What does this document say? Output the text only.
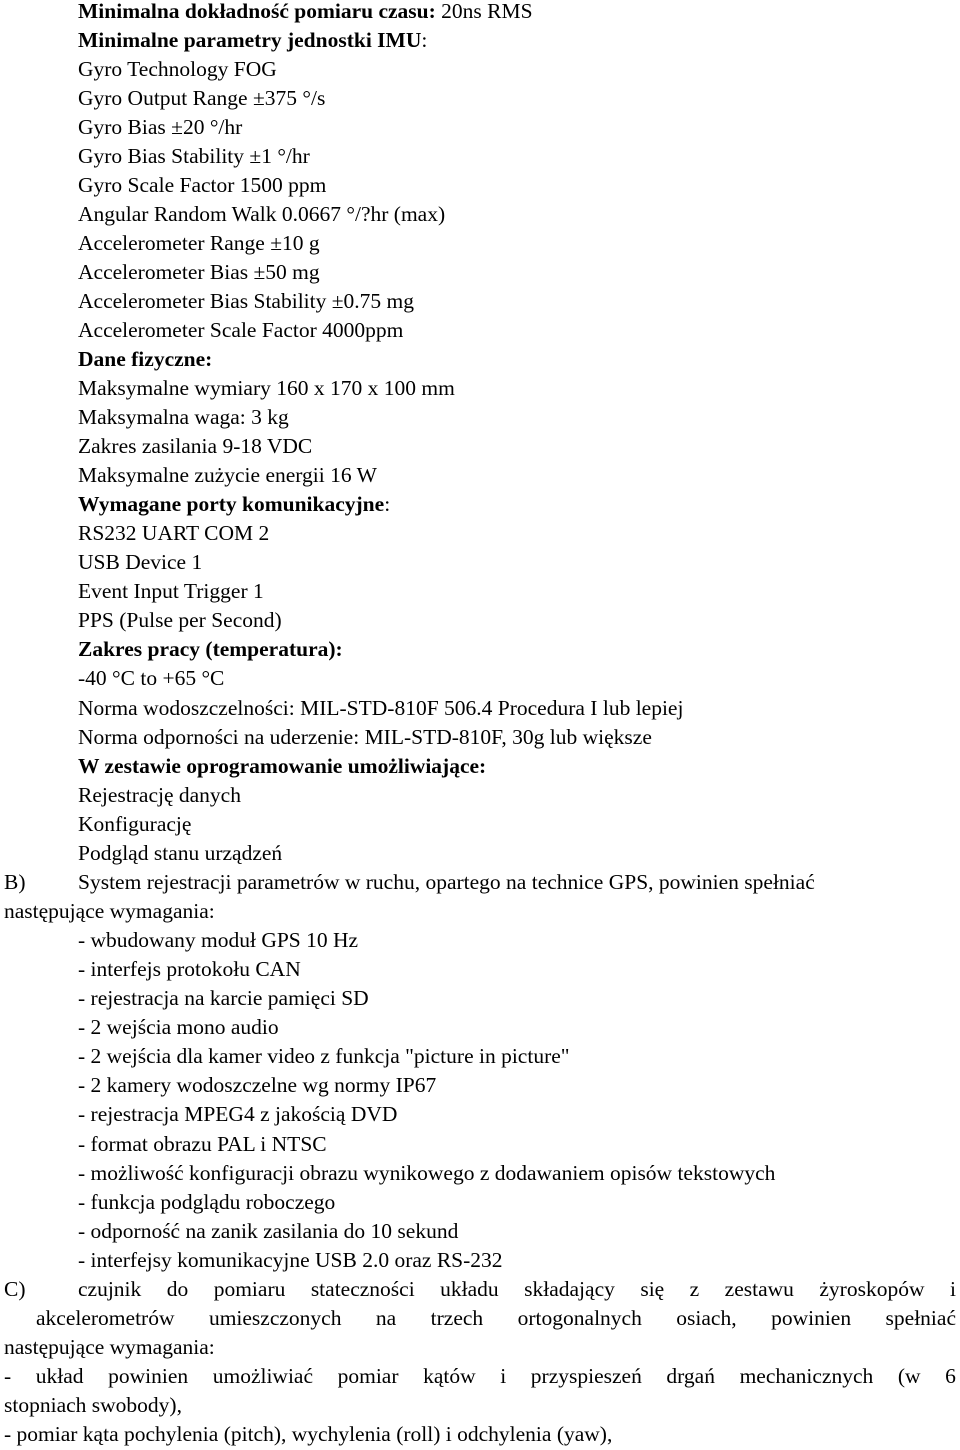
Minimalna dokładność pomiaru czasu: 20ns RMS
Minimalne parametry jednostki IMU:
Gyro Technology FOG
Gyro Output Range ±375 °/s
Gyro Bias ±20 °/hr
Gyro Bias Stability ±1 °/hr
Gyro Scale Factor 1500 ppm
Angular Random Walk 0.0667 °/?hr (max)
Accelerometer Range ±10 g
Accelerometer Bias ±50 mg
Accelerometer Bias Stability ±0.75 mg
Accelerometer Scale Factor 4000ppm
Dane fizyczne:
Maksymalne wymiary 160 x 170 x 100 mm
Maksymalna waga: 3 kg
Zakres zasilania 9-18 VDC
Maksymalne zużycie energii 16 W
Wymagane porty komunikacyjne:
RS232 UART COM 2
USB Device 1
Event Input Trigger 1
PPS (Pulse per Second)
Zakres pracy (temperatura):
-40 °C to +65 °C
Norma wodoszczelności: MIL-STD-810F 506.4 Procedura I lub lepiej
Norma odporności na uderzenie: MIL-STD-810F, 30g lub większe
W zestawie oprogramowanie umożliwiające:
Rejestrację danych
Konfigurację
Podgląd stanu urządzeń
B) System rejestracji parametrów w ruchu, opartego na technice GPS, powinien spełniać
następujące wymagania:
- wbudowany moduł GPS 10 Hz
- interfejs protokołu CAN
- rejestracja na karcie pamięci SD
- 2 wejścia mono audio
- 2 wejścia dla kamer video z funkcja "picture in picture"
- 2 kamery wodoszczelne wg normy IP67
- rejestracja MPEG4 z jakością DVD
- format obrazu PAL i NTSC
- możliwość konfiguracji obrazu wynikowego z dodawaniem opisów tekstowych
- funkcja podglądu roboczego
- odporność na zanik zasilania do 10 sekund
- interfejsy komunikacyjne USB 2.0 oraz RS-232
C) czujnik do pomiaru stateczności układu składający się z zestawu żyroskopów i
akcelerometrów umieszczonych na trzech ortogonalnych osiach, powinien spełniać
następujące wymagania:
- układ powinien umożliwiać pomiar kątów i przyspieszeń drgań mechanicznych (w 6
stopniach swobody),
- pomiar kąta pochylenia (pitch), wychylenia (roll) i odchylenia (yaw),
